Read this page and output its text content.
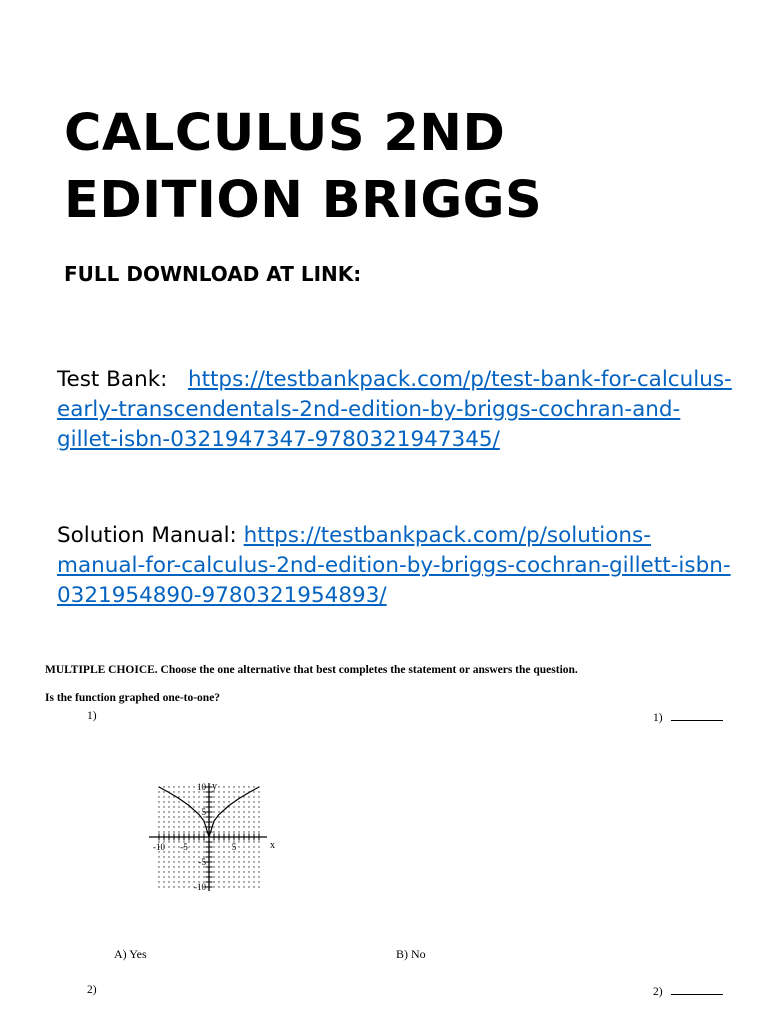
CALCULUS 2ND
EDITION BRIGGS
FULL DOWNLOAD AT LINK:
Test Bank: https://testbankpack.com/p/test-bank-for-calculus-early-transcendentals-2nd-edition-by-briggs-cochran-and-gillet-isbn-0321947347-9780321947345/
Solution Manual: https://testbankpack.com/p/solutions-manual-for-calculus-2nd-edition-by-briggs-cochran-gillett-isbn-0321954890-9780321954893/
MULTIPLE CHOICE. Choose the one alternative that best completes the statement or answers the question.
Is the function graphed one-to-one?
1)	1)
x
y
-10 -5	5
10
5
-5
-10
A) Yes	B) No
2)	2)
